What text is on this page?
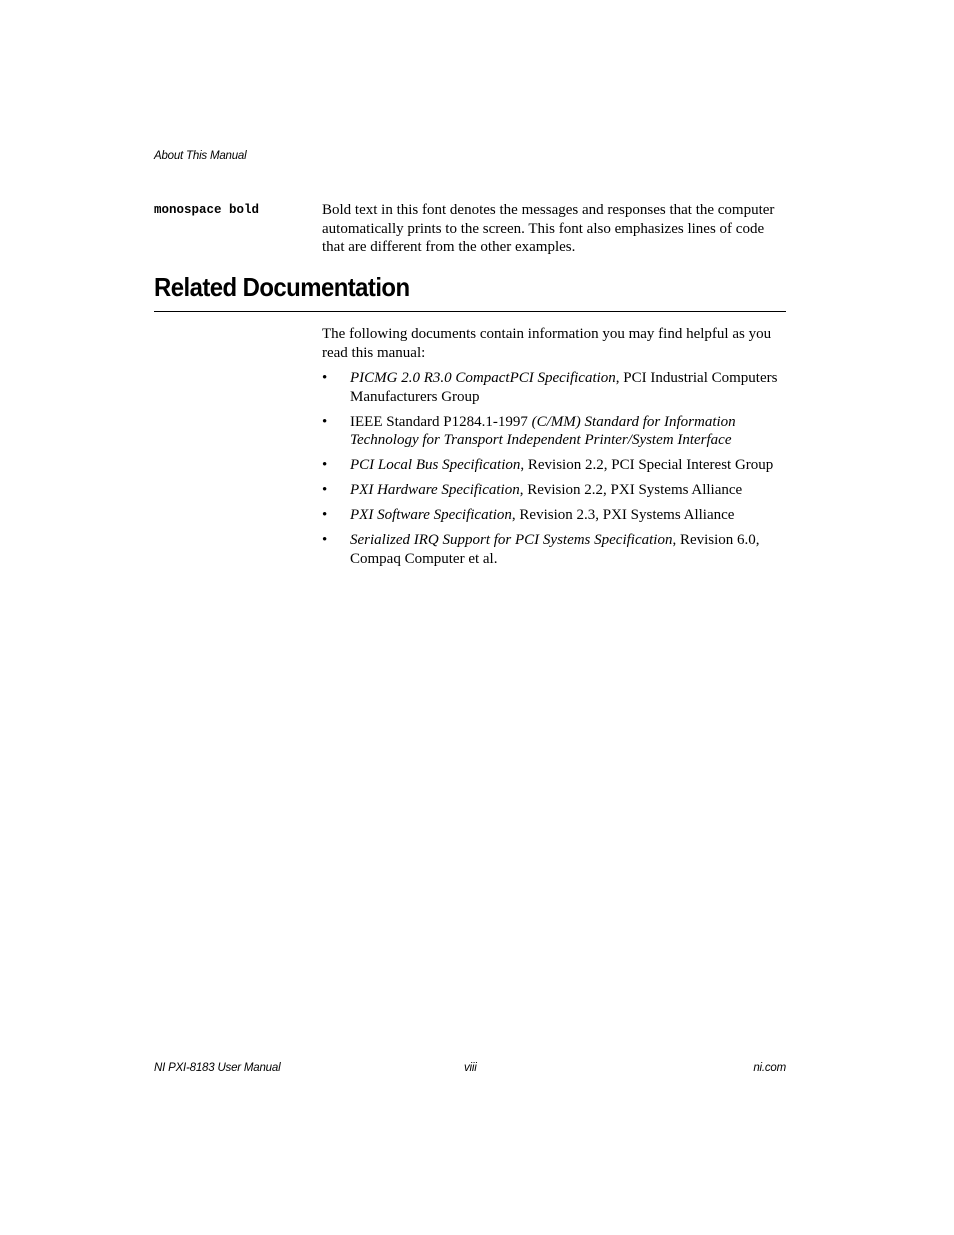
About This Manual
monospace bold	Bold text in this font denotes the messages and responses that the computer automatically prints to the screen. This font also emphasizes lines of code that are different from the other examples.
Related Documentation

The following documents contain information you may find helpful as you read this manual:

• PICMG 2.0 R3.0 CompactPCI Specification, PCI Industrial Computers Manufacturers Group
• IEEE Standard P1284.1-1997 (C/MM) Standard for Information Technology for Transport Independent Printer/System Interface
• PCI Local Bus Specification, Revision 2.2, PCI Special Interest Group
• PXI Hardware Specification, Revision 2.2, PXI Systems Alliance
• PXI Software Specification, Revision 2.3, PXI Systems Alliance
• Serialized IRQ Support for PCI Systems Specification, Revision 6.0, Compaq Computer et al.
NI PXI-8183 User Manual	viii	ni.com
